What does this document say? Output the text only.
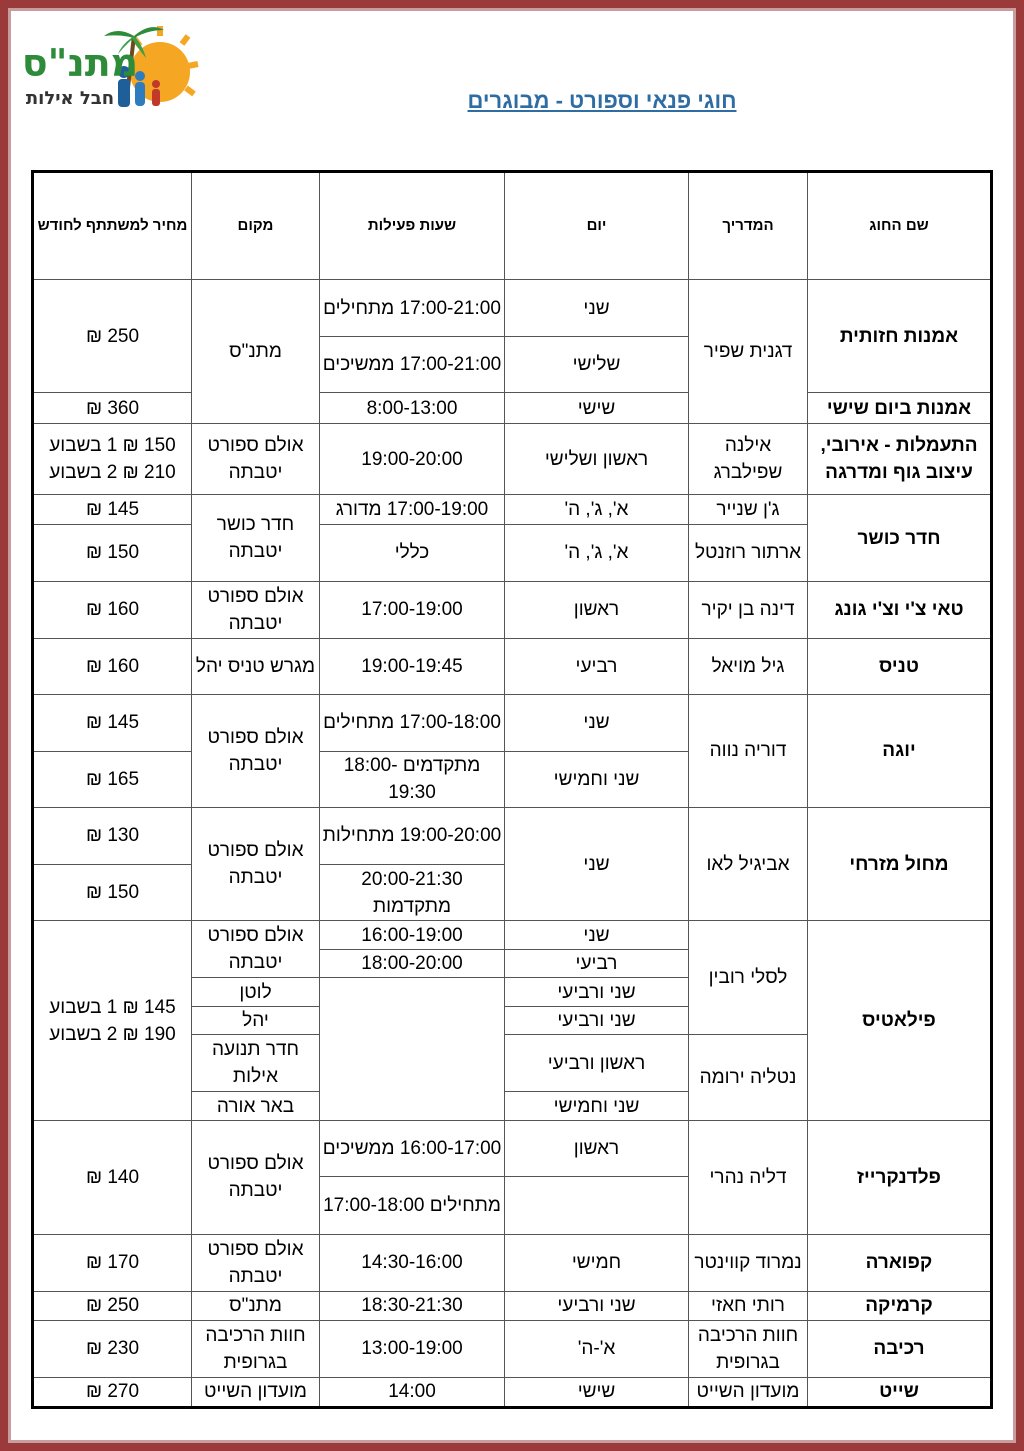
מתנ"ס
חבל אילות	חוגי פנאי וספורט - מבוגרים
שם החוג	המדריך	יום	שעות פעילות	מקום	מחיר למשתתף לחודש
אמנות חזותית	דגנית שפיר	שני	17:00-21:00 מתחילים	מתנ"ס	250 ₪
		שלישי	17:00-21:00 ממשיכים		
אמנות ביום שישי		שישי	8:00-13:00		360 ₪
התעמלות - אירובי, עיצוב גוף ומדרגה	אילנה שפילברג	ראשון ושלישי	19:00-20:00	אולם ספורט יטבתה	150 ₪ 1 בשבוע 210 ₪ 2 בשבוע
חדר כושר	ג'ן שנייר	א', ג', ה'	17:00-19:00 מדורג	חדר כושר יטבתה	145 ₪
	ארתור רוזנטל	א', ג', ה'	כללי		150 ₪
טאי צ'י וצ'י גונג	דינה בן יקיר	ראשון	17:00-19:00	אולם ספורט יטבתה	160 ₪
טניס	גיל מויאל	רביעי	19:00-19:45	מגרש טניס יהל	160 ₪
יוגה	דוריה נווה	שני	17:00-18:00 מתחילים	אולם ספורט יטבתה	145 ₪
		שני וחמישי	מתקדמים 18:00-19:30		165 ₪
מחול מזרחי	אביגיל לאו	שני	19:00-20:00 מתחילות	אולם ספורט יטבתה	130 ₪
			20:00-21:30 מתקדמות		150 ₪
פילאטיס	לסלי רובין	שני	16:00-19:00	אולם ספורט יטבתה	145 ₪ 1 בשבוע 190 ₪ 2 בשבוע
		רביעי	18:00-20:00		
		שני ורביעי		לוטן	
		שני ורביעי		יהל	
	נטליה ירומה	ראשון ורביעי		חדר תנועה אילות	
		שני וחמישי		באר אורה	
פלדנקרייז	דליה נהרי	ראשון	16:00-17:00 ממשיכים	אולם ספורט יטבתה	140 ₪
			מתחילים 17:00-18:00		
קפוארה	נמרוד קווינטר	חמישי	14:30-16:00	אולם ספורט יטבתה	170 ₪
קרמיקה	רותי חאזי	שני ורביעי	18:30-21:30	מתנ"ס	250 ₪
רכיבה	חוות הרכיבה בגרופית	א'-ה'	13:00-19:00	חוות הרכיבה בגרופית	230 ₪
שייט	מועדון השייט	שישי	14:00	מועדון השייט	270 ₪
